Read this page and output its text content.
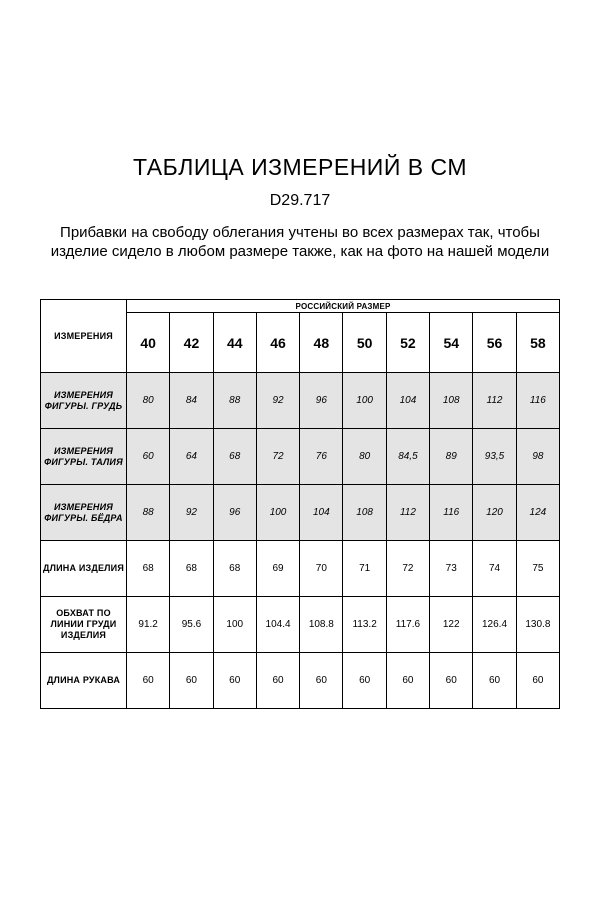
ТАБЛИЦА ИЗМЕРЕНИЙ В СМ
D29.717
Прибавки на свободу облегания учтены во всех размерах так, чтобы
изделие сидело в любом размере также, как на фото на нашей модели
ИЗМЕРЕНИЯ	РОССИЙСКИЙ РАЗМЕР									
	40	42	44	46	48	50	52	54	56	58

ИЗМЕРЕНИЯ
ФИГУРЫ. ГРУДЬ	80	84	88	92	96	100	104	108	112	116

ИЗМЕРЕНИЯ
ФИГУРЫ. ТАЛИЯ	60	64	68	72	76	80	84,5	89	93,5	98

ИЗМЕРЕНИЯ
ФИГУРЫ. БЁДРА	88	92	96	100	104	108	112	116	120	124

ДЛИНА ИЗДЕЛИЯ	68	68	68	69	70	71	72	73	74	75

ОБХВАТ ПО
ЛИНИИ ГРУДИ
ИЗДЕЛИЯ	91.2	95.6	100	104.4	108.8	113.2	117.6	122	126.4	130.8

ДЛИНА РУКАВА	60	60	60	60	60	60	60	60	60	60
